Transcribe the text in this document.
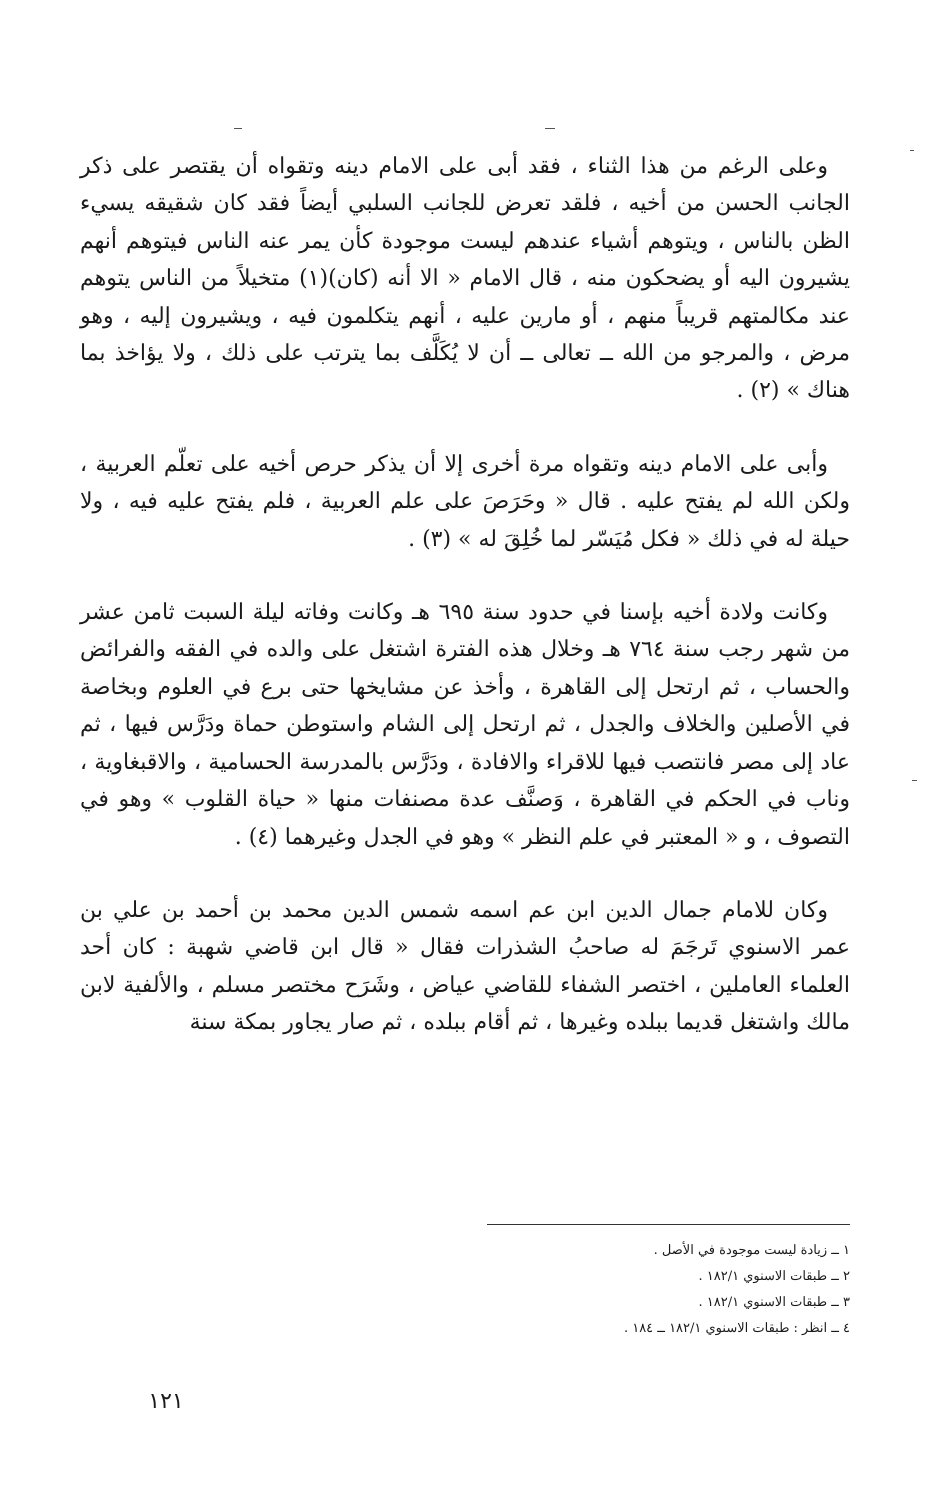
وعلى الرغم من هذا الثناء ، فقد أبى على الامام دينه وتقواه أن يقتصر على ذكر الجانب الحسن من أخيه ، فلقد تعرض للجانب السلبي أيضاً فقد كان شقيقه يسيء الظن بالناس ، ويتوهم أشياء عندهم ليست موجودة كأن يمر عنه الناس فيتوهم أنهم يشيرون اليه أو يضحكون منه ، قال الامام « الا أنه (كان)(١) متخيلاً من الناس يتوهم عند مكالمتهم قريباً منهم ، أو مارين عليه ، أنهم يتكلمون فيه ، ويشيرون إليه ، وهو مرض ، والمرجو من الله ــ تعالى ــ أن لا يُكَلَّف بما يترتب على ذلك ، ولا يؤاخذ بما هناك » (٢) .

وأبى على الامام دينه وتقواه مرة أخرى إلا أن يذكر حرص أخيه على تعلّم العربية ، ولكن الله لم يفتح عليه . قال « وحَرَصَ على علم العربية ، فلم يفتح عليه فيه ، ولا حيلة له في ذلك « فكل مُيَسّر لما خُلِقَ له » (٣) .

وكانت ولادة أخيه بإسنا في حدود سنة ٦٩٥ هـ وكانت وفاته ليلة السبت ثامن عشر من شهر رجب سنة ٧٦٤ هـ وخلال هذه الفترة اشتغل على والده في الفقه والفرائض والحساب ، ثم ارتحل إلى القاهرة ، وأخذ عن مشايخها حتى برع في العلوم وبخاصة في الأصلين والخلاف والجدل ، ثم ارتحل إلى الشام واستوطن حماة ودَرَّس فيها ، ثم عاد إلى مصر فانتصب فيها للاقراء والافادة ، ودَرَّس بالمدرسة الحسامية ، والاقبغاوية ، وناب في الحكم في القاهرة ، وَصنَّف عدة مصنفات منها « حياة القلوب » وهو في التصوف ، و « المعتبر في علم النظر » وهو في الجدل وغيرهما (٤) .

وكان للامام جمال الدين ابن عم اسمه شمس الدين محمد بن أحمد بن علي بن عمر الاسنوي تَرجَمَ له صاحبُ الشذرات فقال « قال ابن قاضي شهبة : كان أحد العلماء العاملين ، اختصر الشفاء للقاضي عياض ، وشَرَح مختصر مسلم ، والألفية لابن مالك واشتغل قديما ببلده وغيرها ، ثم أقام ببلده ، ثم صار يجاور بمكة سنة

١ ــ زيادة ليست موجودة في الأصل .
٢ ــ طبقات الاسنوي ١٨٢/١ .
٣ ــ طبقات الاسنوي ١٨٢/١ .
٤ ــ انظر : طبقات الاسنوي ١٨٢/١ ــ ١٨٤ .
١٢١
